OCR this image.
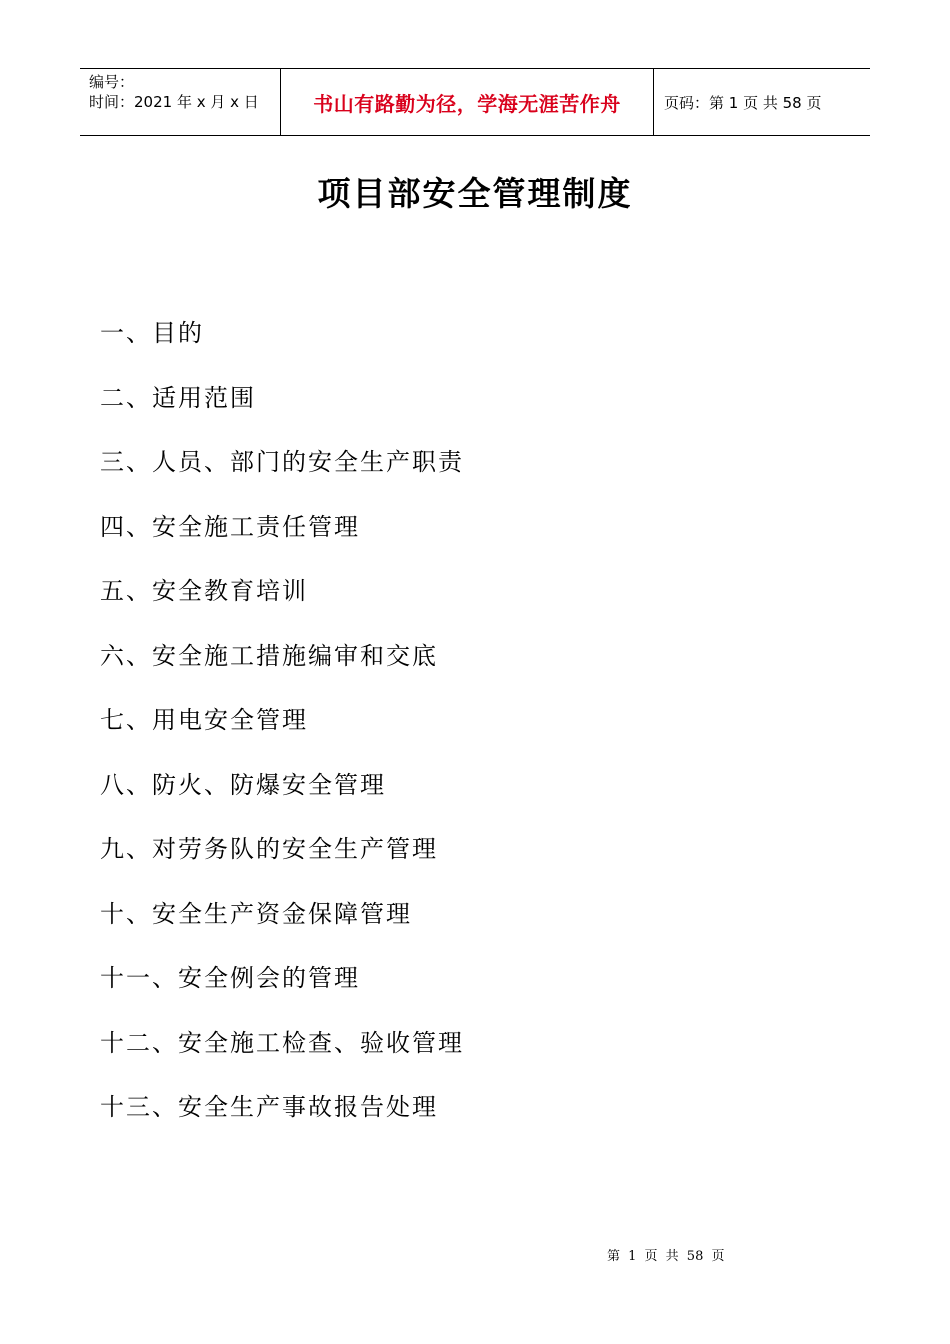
编号：
时间：2021 年 x 月 x 日	书山有路勤为径，学海无涯苦作舟	页码：第 1 页 共 58 页
项目部安全管理制度
一、目的
二、适用范围
三、人员、部门的安全生产职责
四、安全施工责任管理
五、安全教育培训
六、安全施工措施编审和交底
七、用电安全管理
八、防火、防爆安全管理
九、对劳务队的安全生产管理
十、安全生产资金保障管理
十一、安全例会的管理
十二、安全施工检查、验收管理
十三、安全生产事故报告处理
第 1 页 共 58 页
